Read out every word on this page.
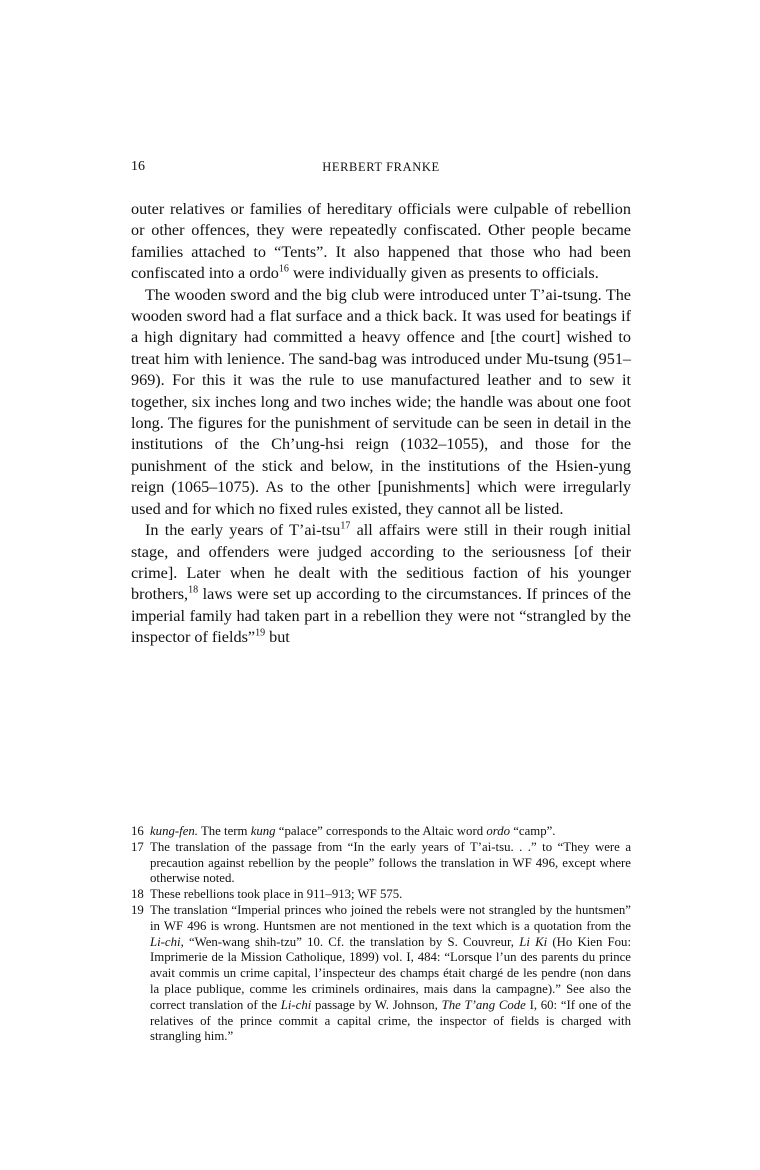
16	HERBERT FRANKE

outer relatives or families of hereditary officials were culpable of rebellion or other offences, they were repeatedly confiscated. Other people became families attached to “Tents”. It also happened that those who had been confiscated into a ordo$^{16}$ were individually given as presents to officials.

The wooden sword and the big club were introduced unter T’ai-tsung. The wooden sword had a flat surface and a thick back. It was used for beatings if a high dignitary had committed a heavy offence and [the court] wished to treat him with lenience. The sand-bag was introduced under Mu-tsung (951–969). For this it was the rule to use manufactured leather and to sew it together, six inches long and two inches wide; the handle was about one foot long. The figures for the punishment of servitude can be seen in detail in the institutions of the Ch’ung-hsi reign (1032–1055), and those for the punishment of the stick and below, in the institutions of the Hsien-yung reign (1065–1075). As to the other [punishments] which were irregularly used and for which no fixed rules existed, they cannot all be listed.

In the early years of T’ai-tsu$^{17}$ all affairs were still in their rough initial stage, and offenders were judged according to the seriousness [of their crime]. Later when he dealt with the seditious faction of his younger brothers,$^{18}$ laws were set up according to the circumstances. If princes of the imperial family had taken part in a rebellion they were not “strangled by the inspector of fields”$^{19}$ but

16 kung-fen. The term kung “palace” corresponds to the Altaic word ordo “camp”.

17 The translation of the passage from “In the early years of T’ai-tsu. . .” to “They were a precaution against rebellion by the people” follows the translation in WF 496, except where otherwise noted.

18 These rebellions took place in 911–913; WF 575.

19 The translation “Imperial princes who joined the rebels were not strangled by the huntsmen” in WF 496 is wrong. Huntsmen are not mentioned in the text which is a quotation from the Li-chi, “Wen-wang shih-tzu” 10. Cf. the translation by S. Couvreur, Li Ki (Ho Kien Fou: Imprimerie de la Mission Catholique, 1899) vol. I, 484: “Lorsque l’un des parents du prince avait commis un crime capital, l’inspecteur des champs était chargé de les pendre (non dans la place publique, comme les criminels ordinaires, mais dans la campagne).” See also the correct translation of the Li-chi passage by W. Johnson, The T’ang Code I, 60: “If one of the relatives of the prince commit a capital crime, the inspector of fields is charged with strangling him.”
